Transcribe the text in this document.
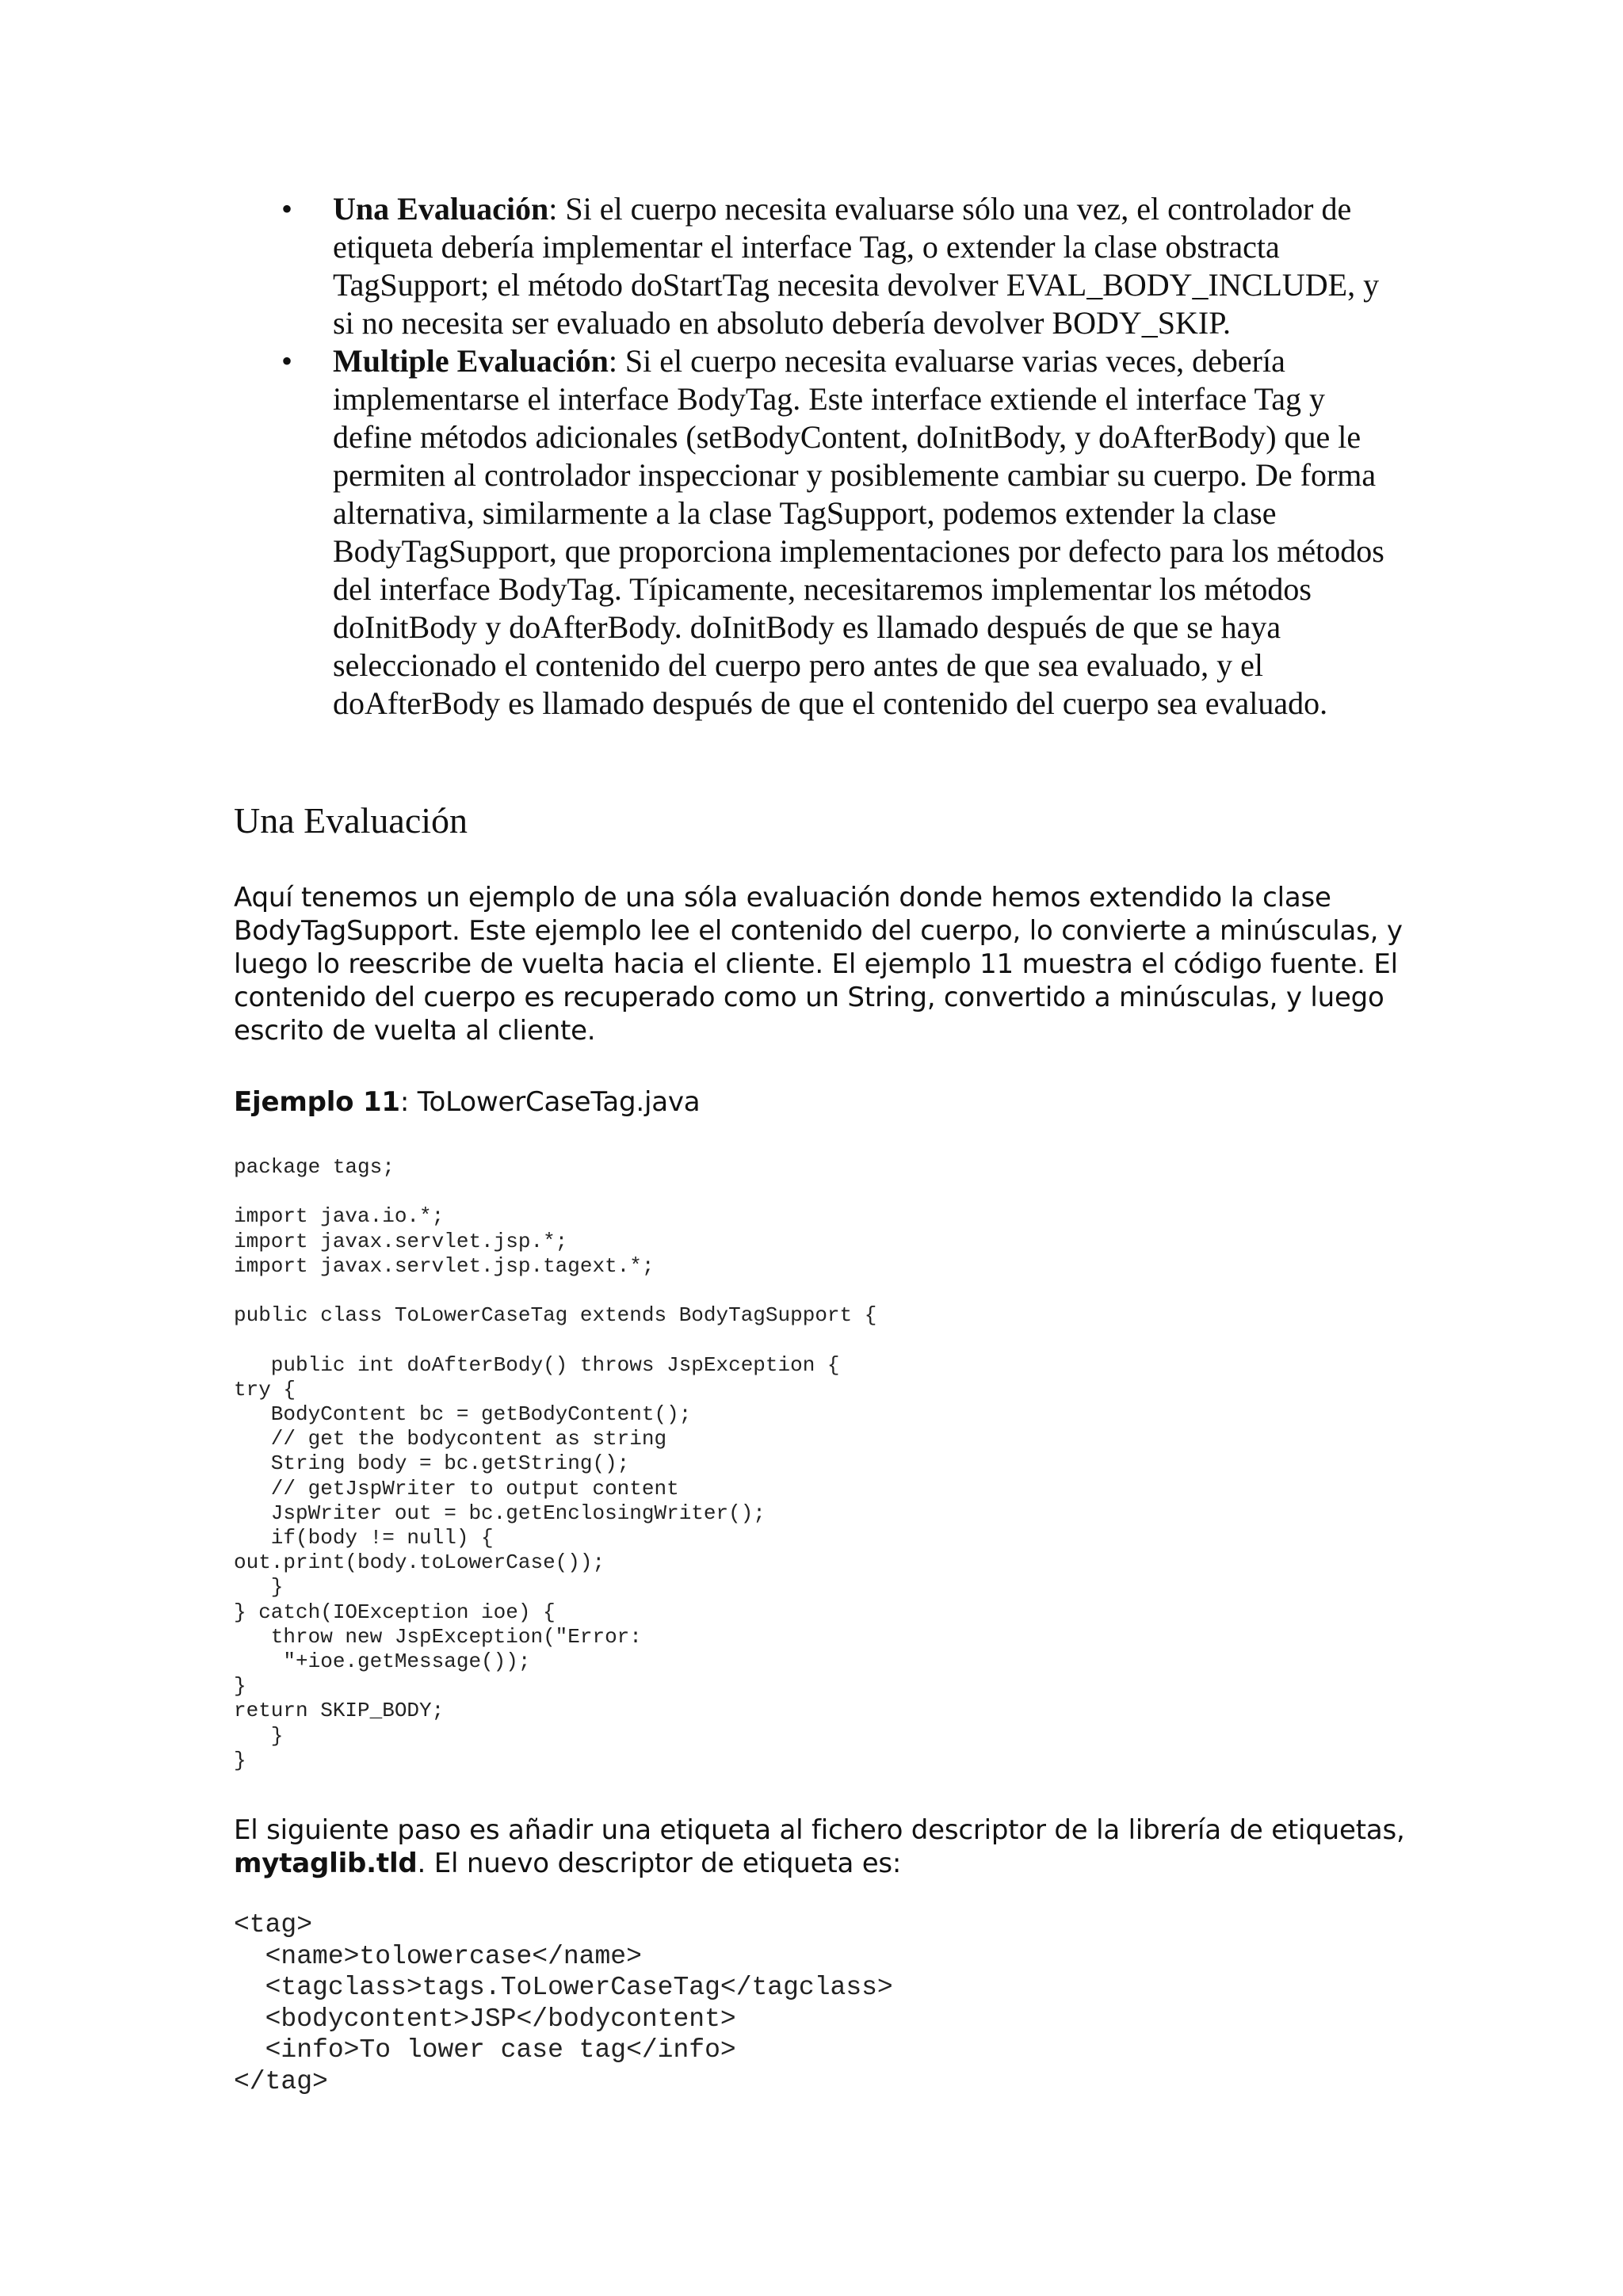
• Una Evaluación: Si el cuerpo necesita evaluarse sólo una vez, el controlador de etiqueta debería implementar el interface Tag, o extender la clase obstracta TagSupport; el método doStartTag necesita devolver EVAL_BODY_INCLUDE, y si no necesita ser evaluado en absoluto debería devolver BODY_SKIP.
• Multiple Evaluación: Si el cuerpo necesita evaluarse varias veces, debería implementarse el interface BodyTag. Este interface extiende el interface Tag y define métodos adicionales (setBodyContent, doInitBody, y doAfterBody) que le permiten al controlador inspeccionar y posiblemente cambiar su cuerpo. De forma alternativa, similarmente a la clase TagSupport, podemos extender la clase BodyTagSupport, que proporciona implementaciones por defecto para los métodos del interface BodyTag. Típicamente, necesitaremos implementar los métodos doInitBody y doAfterBody. doInitBody es llamado después de que se haya seleccionado el contenido del cuerpo pero antes de que sea evaluado, y el doAfterBody es llamado después de que el contenido del cuerpo sea evaluado.
Una Evaluación

Aquí tenemos un ejemplo de una sóla evaluación donde hemos extendido la clase BodyTagSupport. Este ejemplo lee el contenido del cuerpo, lo convierte a minúsculas, y luego lo reescribe de vuelta hacia el cliente. El ejemplo 11 muestra el código fuente. El contenido del cuerpo es recuperado como un String, convertido a minúsculas, y luego escrito de vuelta al cliente.

Ejemplo 11: ToLowerCaseTag.java

package tags;

import java.io.*;
import javax.servlet.jsp.*;
import javax.servlet.jsp.tagext.*;

public class ToLowerCaseTag extends BodyTagSupport {

public int doAfterBody() throws JspException {
try {
BodyContent bc = getBodyContent();
// get the bodycontent as string
String body = bc.getString();
// getJspWriter to output content
JspWriter out = bc.getEnclosingWriter();
if(body != null) {
out.print(body.toLowerCase());
}
} catch(IOException ioe) {
throw new JspException("Error:
"+ioe.getMessage());
}
return SKIP_BODY;
}
}

El siguiente paso es añadir una etiqueta al fichero descriptor de la librería de etiquetas, mytaglib.tld. El nuevo descriptor de etiqueta es:

<tag>
<name>tolowercase</name>
<tagclass>tags.ToLowerCaseTag</tagclass>
<bodycontent>JSP</bodycontent>
<info>To lower case tag</info>
</tag>
